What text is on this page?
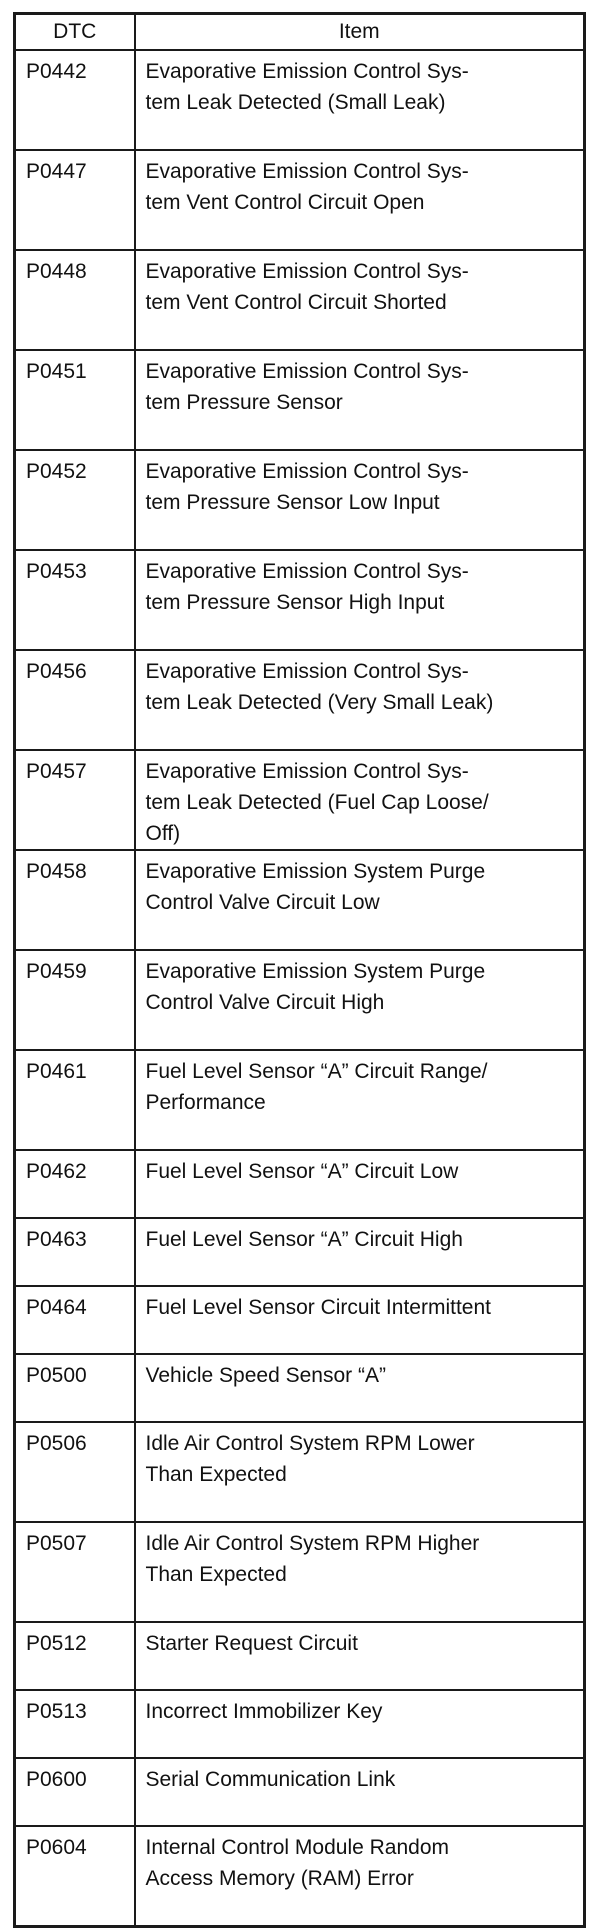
DTC	Item
P0442	Evaporative Emission Control Sys-
tem Leak Detected (Small Leak)
P0447	Evaporative Emission Control Sys-
tem Vent Control Circuit Open
P0448	Evaporative Emission Control Sys-
tem Vent Control Circuit Shorted
P0451	Evaporative Emission Control Sys-
tem Pressure Sensor
P0452	Evaporative Emission Control Sys-
tem Pressure Sensor Low Input
P0453	Evaporative Emission Control Sys-
tem Pressure Sensor High Input
P0456	Evaporative Emission Control Sys-
tem Leak Detected (Very Small Leak)
P0457	Evaporative Emission Control Sys-
tem Leak Detected (Fuel Cap Loose/
Off)
P0458	Evaporative Emission System Purge
Control Valve Circuit Low
P0459	Evaporative Emission System Purge
Control Valve Circuit High
P0461	Fuel Level Sensor “A” Circuit Range/
Performance
P0462	Fuel Level Sensor “A” Circuit Low
P0463	Fuel Level Sensor “A” Circuit High
P0464	Fuel Level Sensor Circuit Intermittent
P0500	Vehicle Speed Sensor “A”
P0506	Idle Air Control System RPM Lower
Than Expected
P0507	Idle Air Control System RPM Higher
Than Expected
P0512	Starter Request Circuit
P0513	Incorrect Immobilizer Key
P0600	Serial Communication Link
P0604	Internal Control Module Random
Access Memory (RAM) Error
